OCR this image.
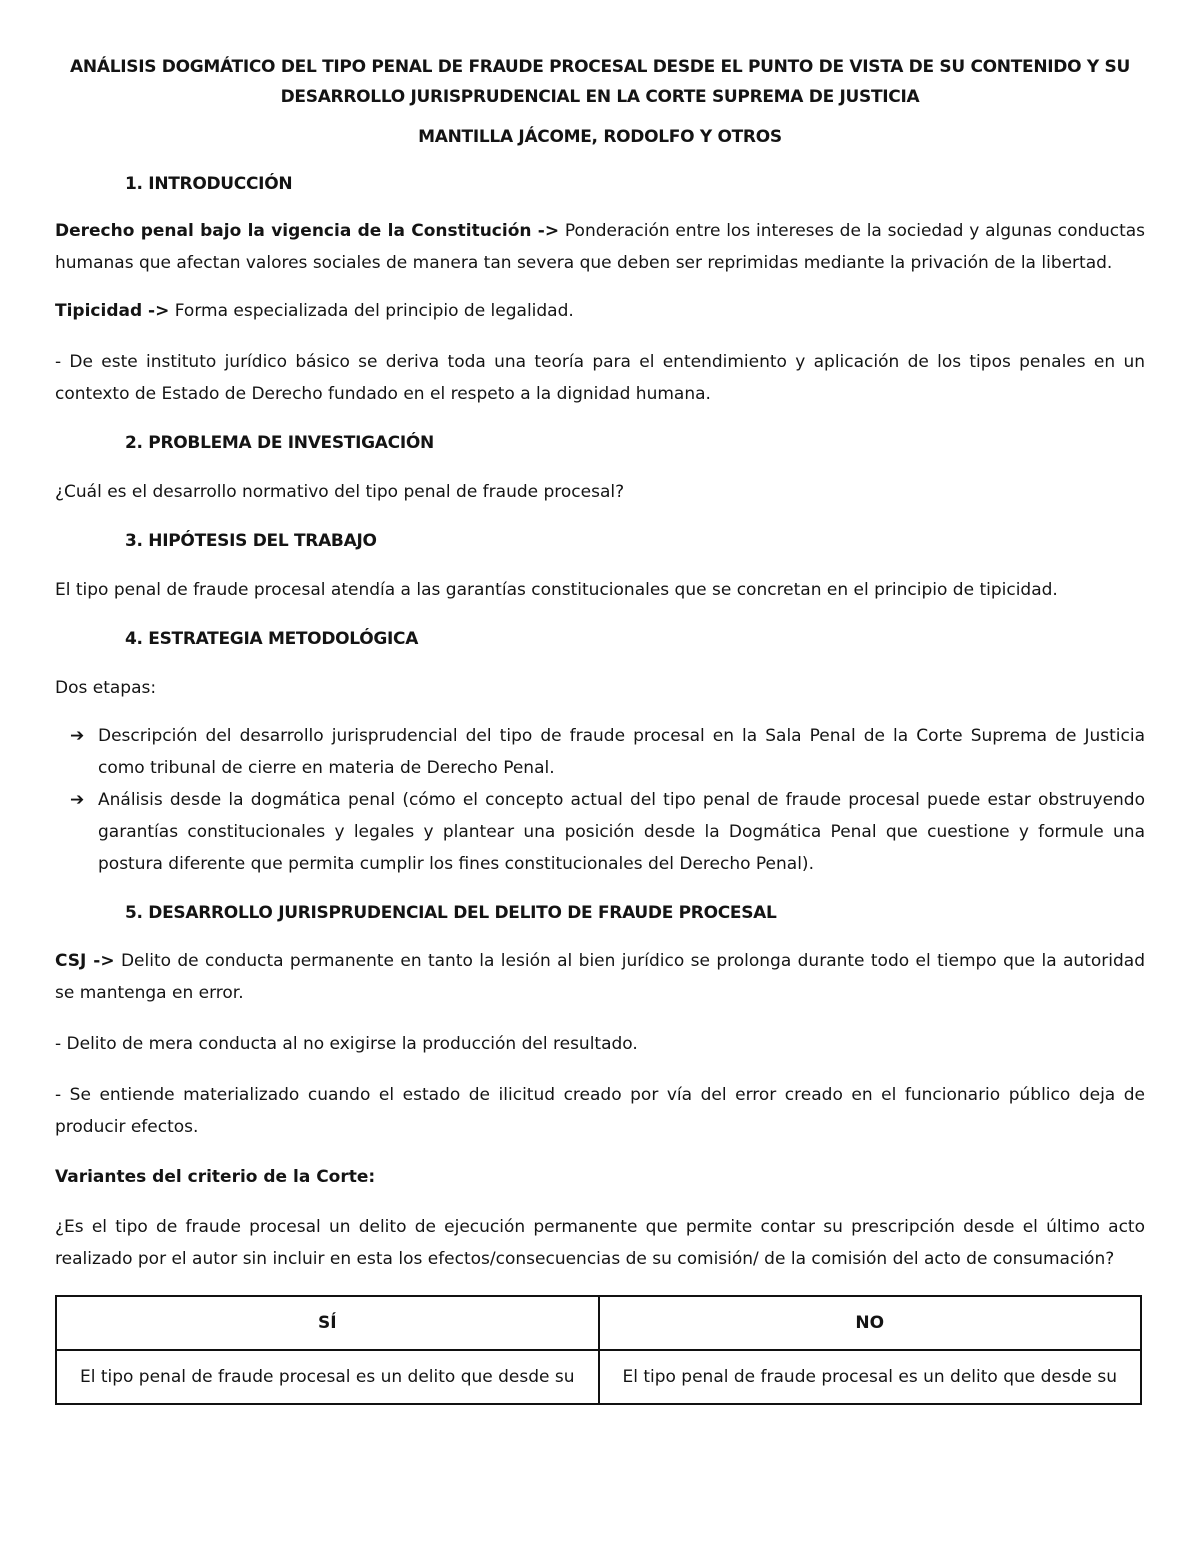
ANÁLISIS DOGMÁTICO DEL TIPO PENAL DE FRAUDE PROCESAL DESDE EL PUNTO DE VISTA DE SU CONTENIDO Y SU
DESARROLLO JURISPRUDENCIAL EN LA CORTE SUPREMA DE JUSTICIA

MANTILLA JÁCOME, RODOLFO Y OTROS

1. INTRODUCCIÓN

Derecho penal bajo la vigencia de la Constitución -> Ponderación entre los intereses de la sociedad y algunas conductas humanas que afectan valores sociales de manera tan severa que deben ser reprimidas mediante la privación de la libertad.

Tipicidad -> Forma especializada del principio de legalidad.

- De este instituto jurídico básico se deriva toda una teoría para el entendimiento y aplicación de los tipos penales en un contexto de Estado de Derecho fundado en el respeto a la dignidad humana.

2. PROBLEMA DE INVESTIGACIÓN

¿Cuál es el desarrollo normativo del tipo penal de fraude procesal?

3. HIPÓTESIS DEL TRABAJO

El tipo penal de fraude procesal atendía a las garantías constitucionales que se concretan en el principio de tipicidad.

4. ESTRATEGIA METODOLÓGICA

Dos etapas:

➔ Descripción del desarrollo jurisprudencial del tipo de fraude procesal en la Sala Penal de la Corte Suprema de Justicia como tribunal de cierre en materia de Derecho Penal.
➔ Análisis desde la dogmática penal (cómo el concepto actual del tipo penal de fraude procesal puede estar obstruyendo garantías constitucionales y legales y plantear una posición desde la Dogmática Penal que cuestione y formule una postura diferente que permita cumplir los fines constitucionales del Derecho Penal).

5. DESARROLLO JURISPRUDENCIAL DEL DELITO DE FRAUDE PROCESAL

CSJ -> Delito de conducta permanente en tanto la lesión al bien jurídico se prolonga durante todo el tiempo que la autoridad se mantenga en error.

- Delito de mera conducta al no exigirse la producción del resultado.

- Se entiende materializado cuando el estado de ilicitud creado por vía del error creado en el funcionario público deja de producir efectos.

Variantes del criterio de la Corte:

¿Es el tipo de fraude procesal un delito de ejecución permanente que permite contar su prescripción desde el último acto realizado por el autor sin incluir en esta los efectos/consecuencias de su comisión/ de la comisión del acto de consumación?

SÍ	NO
El tipo penal de fraude procesal es un delito que desde su	El tipo penal de fraude procesal es un delito que desde su
